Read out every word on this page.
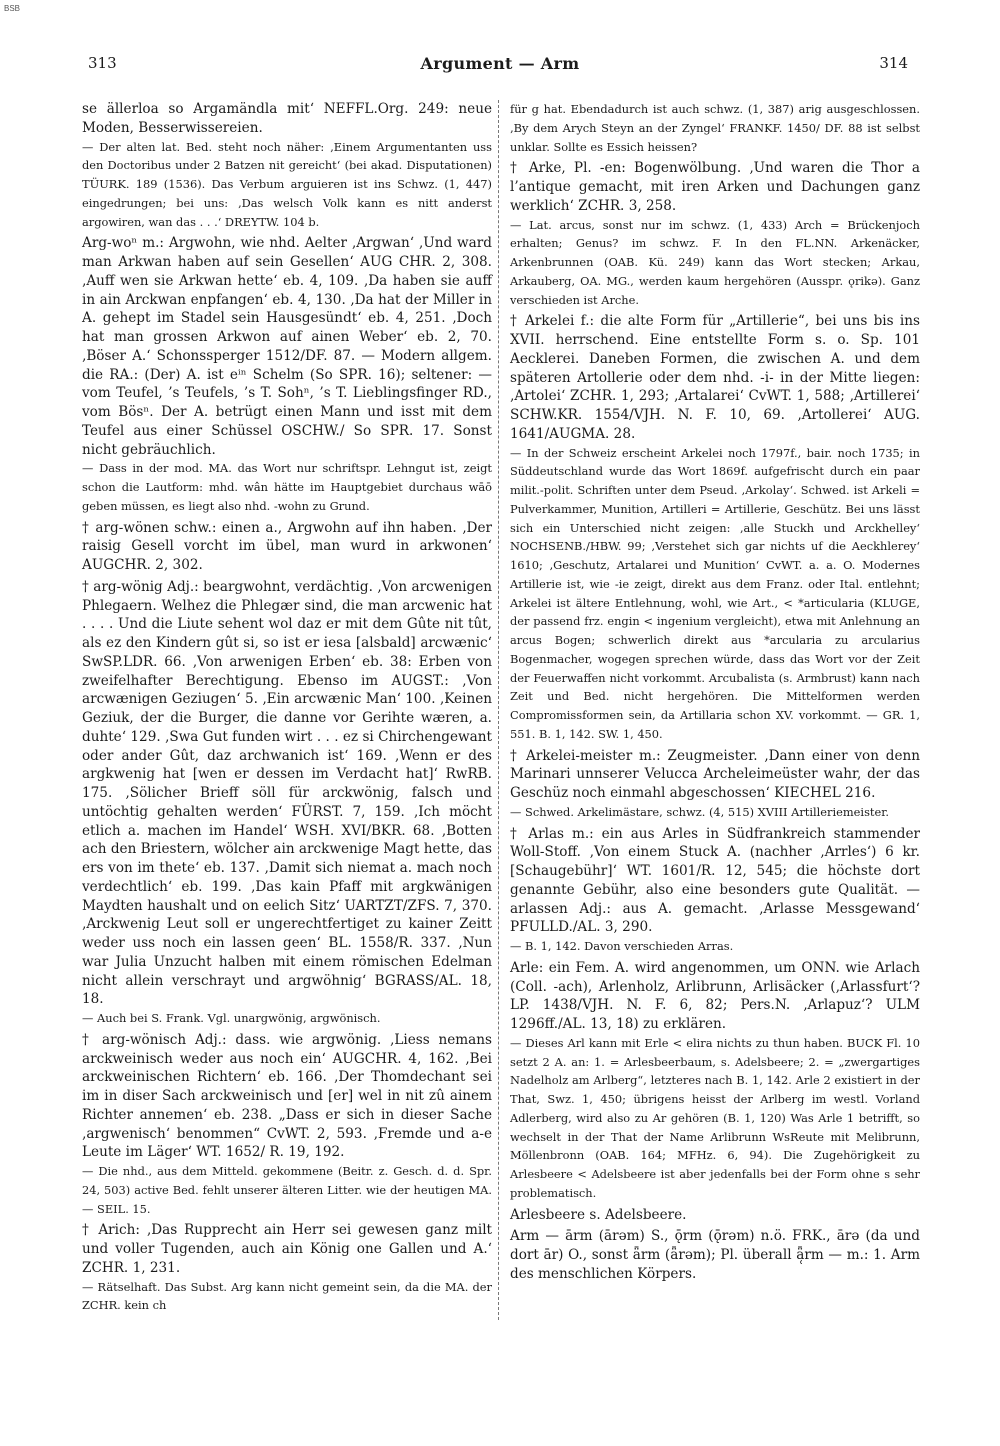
BSB
313	Argument — Arm	314

se ällerloa so Argamändla mit‘ NEFFL.Org. 249: neue Moden, Besserwissereien.

— Der alten lat. Bed. steht noch näher: ‚Einem Argumentanten uss den Doctoribus under 2 Batzen nit gereicht‘ (bei akad. Disputationen) TÜURK. 189 (1536). Das Verbum arguieren ist ins Schwz. (1, 447) eingedrungen; bei uns: ‚Das welsch Volk kann es nitt anderst argowiren, wan das . . .‘ DREYTW. 104 b.

Arg-woⁿ m.: Argwohn, wie nhd. Aelter ‚Argwan‘ ‚Und ward man Arkwan haben auf sein Gesellen‘ AUG CHR. 2, 308. ‚Auff wen sie Arkwan hette‘ eb. 4, 109. ‚Da haben sie auff in ain Arckwan enpfangen‘ eb. 4, 130. ‚Da hat der Miller in A. gehept im Stadel sein Hausgesündt‘ eb. 4, 251. ‚Doch hat man grossen Arkwon auf ainen Weber‘ eb. 2, 70. ‚Böser A.‘ Schonssperger 1512/DF. 87. — Modern allgem. die RA.: (Der) A. ist eⁱⁿ Schelm (So SPR. 16); seltener: — vom Teufel, ’s Teufels, ’s T. Sohⁿ, ’s T. Lieblingsfinger RD., vom Bösⁿ. Der A. betrügt einen Mann und isst mit dem Teufel aus einer Schüssel OSCHW./ So SPR. 17. Sonst nicht gebräuchlich.

— Dass in der mod. MA. das Wort nur schriftspr. Lehngut ist, zeigt schon die Lautform: mhd. wân hätte im Hauptgebiet durchaus wāō geben müssen, es liegt also nhd. -wohn zu Grund.

† arg-wönen schw.: einen a., Argwohn auf ihn haben. ‚Der raisig Gesell vorcht im übel, man wurd in arkwonen‘ AUGCHR. 2, 302.

† arg-wönig Adj.: beargwohnt, verdächtig. ‚Von arcwenigen Phlegaern. Welhez die Phlegær sind, die man arcwenic hat . . . . Und die Liute sehent wol daz er mit dem Gûte nit tût, als ez den Kindern gût si, so ist er iesa [alsbald] arcwænic‘ SwSP.LDR. 66. ‚Von arwenigen Erben‘ eb. 38: Erben von zweifelhafter Berechtigung. Ebenso im AUGST.: ‚Von arcwænigen Geziugen‘ 5. ‚Ein arcwænic Man‘ 100. ‚Keinen Geziuk, der die Burger, die danne vor Gerihte wæren, a. duhte‘ 129. ‚Swa Gut funden wirt . . . ez si Chirchengewant oder ander Gût, daz archwanich ist‘ 169. ‚Wenn er des argkwenig hat [wen er dessen im Verdacht hat]‘ RwRB. 175. ‚Sölicher Brieff söll für arckwönig, falsch und untöchtig gehalten werden‘ FÜRST. 7, 159. ‚Ich möcht etlich a. machen im Handel‘ WSH. XVI/BKR. 68. ‚Botten ach den Briestern, wölcher ain arckwenige Magt hette, das ers von im thete‘ eb. 137. ‚Damit sich niemat a. mach noch verdechtlich‘ eb. 199. ‚Das kain Pfaff mit argkwänigen Maydten haushalt und on eelich Sitz‘ UARTZT/ZFS. 7, 370. ‚Arckwenig Leut soll er ungerechtfertiget zu kainer Zeitt weder uss noch ein lassen geen‘ BL. 1558/R. 337. ‚Nun war Julia Unzucht halben mit einem römischen Edelman nicht allein verschrayt und argwöhnig‘ BGRASS/AL. 18, 18.

— Auch bei S. Frank. Vgl. unargwönig, argwönisch.

† arg-wönisch Adj.: dass. wie argwönig. ‚Liess nemans arckweinisch weder aus noch ein‘ AUGCHR. 4, 162. ‚Bei arckweinischen Richtern‘ eb. 166. ‚Der Thomdechant sei im in diser Sach arckweinisch und [er] wel in nit zû ainem Richter annemen‘ eb. 238. „Dass er sich in dieser Sache ‚argwenisch‘ benommen“ CvWT. 2, 593. ‚Fremde und a-e Leute im Läger‘ WT. 1652/ R. 19, 192.

— Die nhd., aus dem Mitteld. gekommene (Beitr. z. Gesch. d. d. Spr. 24, 503) active Bed. fehlt unserer älteren Litter. wie der heutigen MA. — SEIL. 15.

† Arich: ‚Das Rupprecht ain Herr sei gewesen ganz milt und voller Tugenden, auch ain König one Gallen und A.‘ ZCHR. 1, 231.

— Rätselhaft. Das Subst. Arg kann nicht gemeint sein, da die MA. der ZCHR. kein ch

für g hat. Ebendadurch ist auch schwz. (1, 387) arig ausgeschlossen. ‚By dem Arych Steyn an der Zyngel‘ FRANKF. 1450/ DF. 88 ist selbst unklar. Sollte es Essich heissen?

† Arke, Pl. -en: Bogenwölbung. ‚Und waren die Thor a l’antique gemacht, mit iren Arken und Dachungen ganz werklich‘ ZCHR. 3, 258.

— Lat. arcus, sonst nur im schwz. (1, 433) Arch = Brückenjoch erhalten; Genus? im schwz. F. In den FL.NN. Arkenäcker, Arkenbrunnen (OAB. Kü. 249) kann das Wort stecken; Arkau, Arkauberg, OA. MG., werden kaum hergehören (Ausspr. ǫrikə). Ganz verschieden ist Arche.

† Arkelei f.: die alte Form für „Artillerie“, bei uns bis ins XVII. herrschend. Eine entstellte Form s. o. Sp. 101 Aecklerei. Daneben Formen, die zwischen A. und dem späteren Artollerie oder dem nhd. -i- in der Mitte liegen: ‚Artolei‘ ZCHR. 1, 293; ‚Artalarei‘ CvWT. 1, 588; ‚Artillerei‘ SCHW.KR. 1554/VJH. N. F. 10, 69. ‚Artollerei‘ AUG. 1641/AUGMA. 28.

— In der Schweiz erscheint Arkelei noch 1797f., bair. noch 1735; in Süddeutschland wurde das Wort 1869f. aufgefrischt durch ein paar milit.-polit. Schriften unter dem Pseud. ‚Arkolay‘. Schwed. ist Arkeli = Pulverkammer, Munition, Artilleri = Artillerie, Geschütz. Bei uns lässt sich ein Unterschied nicht zeigen: ‚alle Stuckh und Arckhelley‘ NOCHSENB./HBW. 99; ‚Verstehet sich gar nichts uf die Aeckhlerey‘ 1610; ‚Geschutz, Artalarei und Munition‘ CvWT. a. a. O. Modernes Artillerie ist, wie -ie zeigt, direkt aus dem Franz. oder Ital. entlehnt; Arkelei ist ältere Entlehnung, wohl, wie Art., < *articularia (KLUGE, der passend frz. engin < ingenium vergleicht), etwa mit Anlehnung an arcus Bogen; schwerlich direkt aus *arcularia zu arcularius Bogenmacher, wogegen sprechen würde, dass das Wort vor der Zeit der Feuerwaffen nicht vorkommt. Arcubalista (s. Armbrust) kann nach Zeit und Bed. nicht hergehören. Die Mittelformen werden Compromissformen sein, da Artillaria schon XV. vorkommt. — GR. 1, 551. B. 1, 142. SW. 1, 450.

† Arkelei-meister m.: Zeugmeister. ‚Dann einer von denn Marinari unnserer Velucca Archeleimeüster wahr, der das Geschüz noch einmahl abgeschossen‘ KIECHEL 216.

— Schwed. Arkelimästare, schwz. (4, 515) XVIII Artilleriemeister.

† Arlas m.: ein aus Arles in Südfrankreich stammender Woll-Stoff. ‚Von einem Stuck A. (nachher ‚Arrles‘) 6 kr. [Schaugebühr]‘ WT. 1601/R. 12, 545; die höchste dort genannte Gebühr, also eine besonders gute Qualität. — arlassen Adj.: aus A. gemacht. ‚Arlasse Messgewand‘ PFULLD./AL. 3, 290.

— B. 1, 142. Davon verschieden Arras.

Arle: ein Fem. A. wird angenommen, um ONN. wie Arlach (Coll. -ach), Arlenholz, Arlibrunn, Arlisäcker (‚Arlassfurt‘? LP. 1438/VJH. N. F. 6, 82; Pers.N. ‚Arlapuz‘? ULM 1296ff./AL. 13, 18) zu erklären.

— Dieses Arl kann mit Erle < elira nichts zu thun haben. BUCK Fl. 10 setzt 2 A. an: 1. = Arlesbeerbaum, s. Adelsbeere; 2. = „zwergartiges Nadelholz am Arlberg“, letzteres nach B. 1, 142. Arle 2 existiert in der That, Swz. 1, 450; übrigens heisst der Arlberg im westl. Vorland Adlerberg, wird also zu Ar gehören (B. 1, 120) Was Arle 1 betrifft, so wechselt in der That der Name Arlibrunn WsReute mit Melibrunn, Möllenbronn (OAB. 164; MFHz. 6, 94). Die Zugehörigkeit zu Arlesbeere < Adelsbeere ist aber jedenfalls bei der Form ohne s sehr problematisch.

Arlesbeere s. Adelsbeere.

Arm — ārm (ārəm) S., ǭrm (ǭrəm) n.ö. FRK., ārə (da und dort ār) O., sonst ǟrm (ǟrəm); Pl. überall ǟ̜rm — m.: 1. Arm des menschlichen Körpers.
